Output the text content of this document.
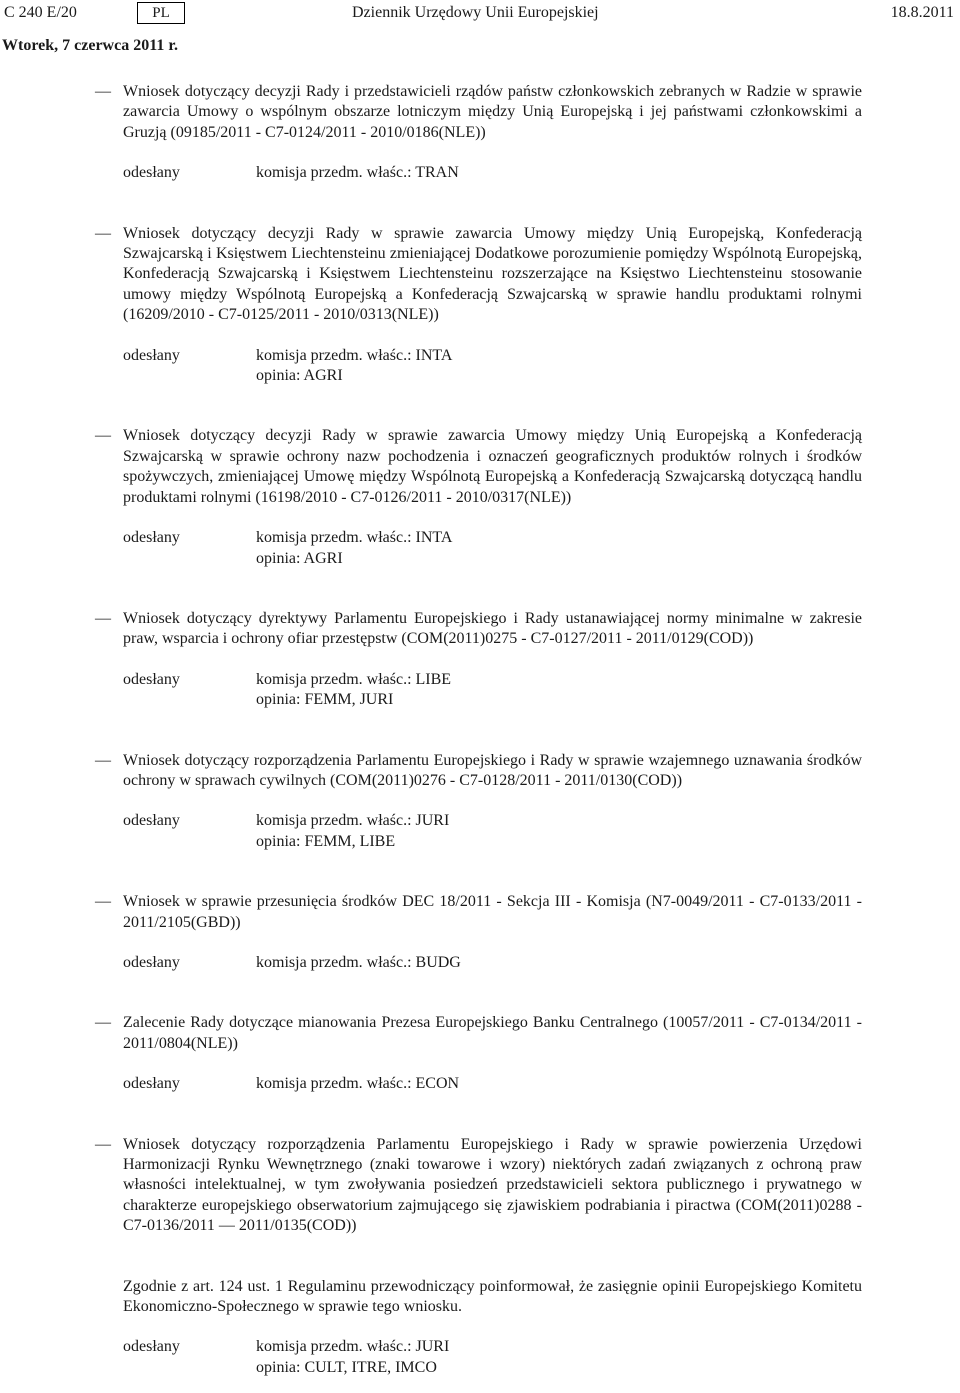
C 240 E/20	PL	Dziennik Urzędowy Unii Europejskiej	18.8.2011
Wtorek, 7 czerwca 2011 r.
— Wniosek dotyczący decyzji Rady i przedstawicieli rządów państw członkowskich zebranych w Radzie w sprawie zawarcia Umowy o wspólnym obszarze lotniczym między Unią Europejską i jej państwami członkowskimi a Gruzją (09185/2011 - C7-0124/2011 - 2010/0186(NLE))
odesłany	komisja przedm. właśc.: TRAN
— Wniosek dotyczący decyzji Rady w sprawie zawarcia Umowy między Unią Europejską, Konfederacją Szwajcarską i Księstwem Liechtensteinu zmieniającej Dodatkowe porozumienie pomiędzy Wspólnotą Europejską, Konfederacją Szwajcarską i Księstwem Liechtensteinu rozszerzające na Księstwo Liechtensteinu stosowanie umowy między Wspólnotą Europejską a Konfederacją Szwajcarską w sprawie handlu produktami rolnymi (16209/2010 - C7-0125/2011 - 2010/0313(NLE))
odesłany	komisja przedm. właśc.: INTA
opinia: AGRI
— Wniosek dotyczący decyzji Rady w sprawie zawarcia Umowy między Unią Europejską a Konfederacją Szwajcarską w sprawie ochrony nazw pochodzenia i oznaczeń geograficznych produktów rolnych i środków spożywczych, zmieniającej Umowę między Wspólnotą Europejską a Konfederacją Szwajcarską dotyczącą handlu produktami rolnymi (16198/2010 - C7-0126/2011 - 2010/0317(NLE))
odesłany	komisja przedm. właśc.: INTA
opinia: AGRI
— Wniosek dotyczący dyrektywy Parlamentu Europejskiego i Rady ustanawiającej normy minimalne w zakresie praw, wsparcia i ochrony ofiar przestępstw (COM(2011)0275 - C7-0127/2011 - 2011/0129(COD))
odesłany	komisja przedm. właśc.: LIBE
opinia: FEMM, JURI
— Wniosek dotyczący rozporządzenia Parlamentu Europejskiego i Rady w sprawie wzajemnego uznawania środków ochrony w sprawach cywilnych (COM(2011)0276 - C7-0128/2011 - 2011/0130(COD))
odesłany	komisja przedm. właśc.: JURI
opinia: FEMM, LIBE
— Wniosek w sprawie przesunięcia środków DEC 18/2011 - Sekcja III - Komisja (N7-0049/2011 - C7-0133/2011 - 2011/2105(GBD))
odesłany	komisja przedm. właśc.: BUDG
— Zalecenie Rady dotyczące mianowania Prezesa Europejskiego Banku Centralnego (10057/2011 - C7-0134/2011 - 2011/0804(NLE))
odesłany	komisja przedm. właśc.: ECON
— Wniosek dotyczący rozporządzenia Parlamentu Europejskiego i Rady w sprawie powierzenia Urzędowi Harmonizacji Rynku Wewnętrznego (znaki towarowe i wzory) niektórych zadań związanych z ochroną praw własności intelektualnej, w tym zwoływania posiedzeń przedstawicieli sektora publicznego i prywatnego w charakterze europejskiego obserwatorium zajmującego się zjawiskiem podrabiania i piractwa (COM(2011)0288 - C7-0136/2011 — 2011/0135(COD))
Zgodnie z art. 124 ust. 1 Regulaminu przewodniczący poinformował, że zasięgnie opinii Europejskiego Komitetu Ekonomiczno-Społecznego w sprawie tego wniosku.
odesłany	komisja przedm. właśc.: JURI
opinia: CULT, ITRE, IMCO
